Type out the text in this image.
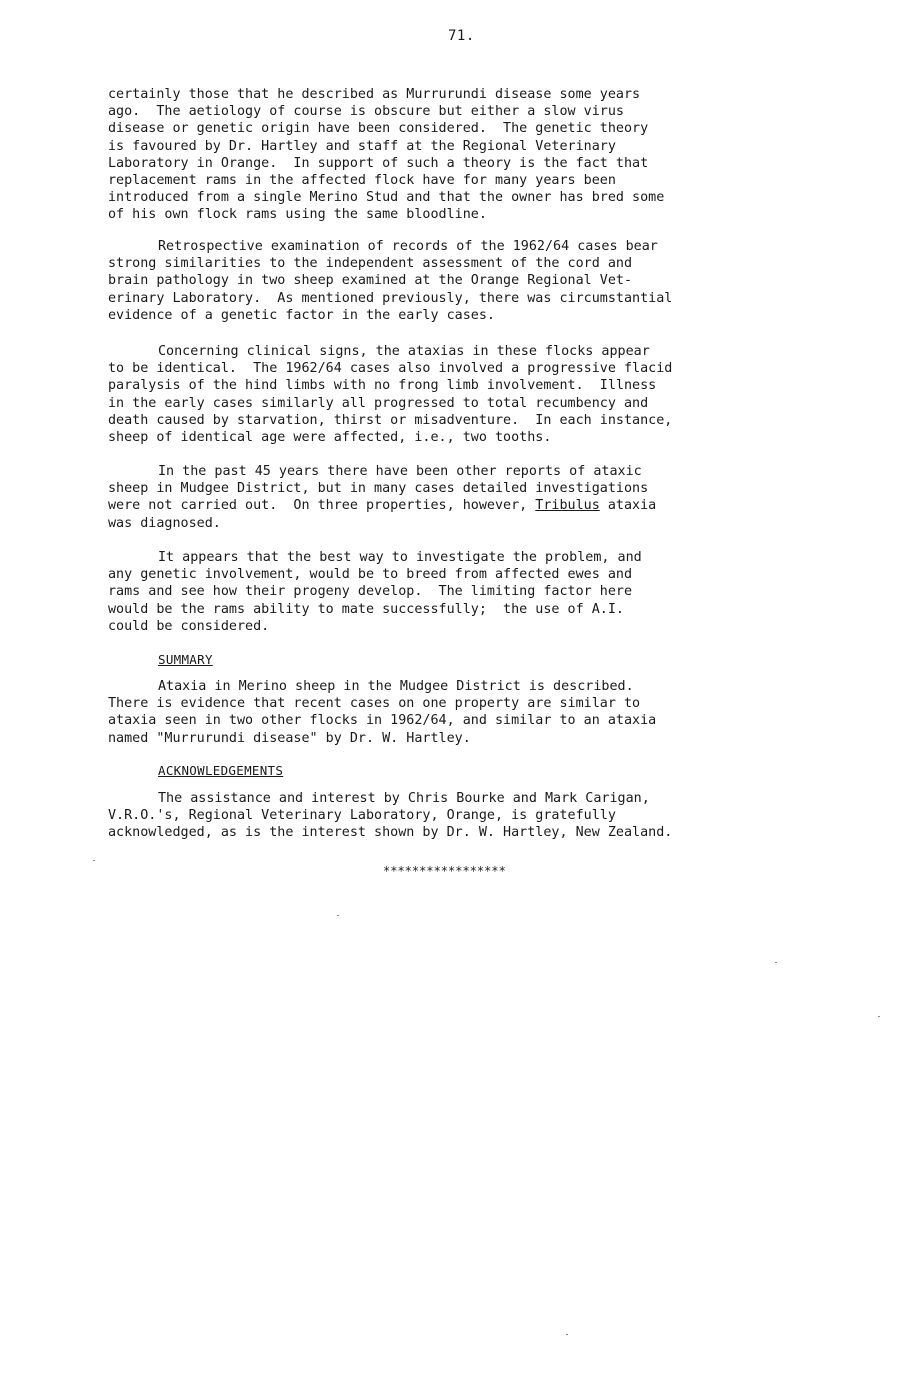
71.
certainly those that he described as Murrurundi disease some years
ago.  The aetiology of course is obscure but either a slow virus
disease or genetic origin have been considered.  The genetic theory
is favoured by Dr. Hartley and staff at the Regional Veterinary
Laboratory in Orange.  In support of such a theory is the fact that
replacement rams in the affected flock have for many years been
introduced from a single Merino Stud and that the owner has bred some
of his own flock rams using the same bloodline.
Retrospective examination of records of the 1962/64 cases bear
strong similarities to the independent assessment of the cord and
brain pathology in two sheep examined at the Orange Regional Vet-
erinary Laboratory.  As mentioned previously, there was circumstantial
evidence of a genetic factor in the early cases.
Concerning clinical signs, the ataxias in these flocks appear
to be identical.  The 1962/64 cases also involved a progressive flacid
paralysis of the hind limbs with no frong limb involvement.  Illness
in the early cases similarly all progressed to total recumbency and
death caused by starvation, thirst or misadventure.  In each instance,
sheep of identical age were affected, i.e., two tooths.
In the past 45 years there have been other reports of ataxic
sheep in Mudgee District, but in many cases detailed investigations
were not carried out.  On three properties, however, Tribulus ataxia
was diagnosed.
It appears that the best way to investigate the problem, and
any genetic involvement, would be to breed from affected ewes and
rams and see how their progeny develop.  The limiting factor here
would be the rams ability to mate successfully;  the use of A.I.
could be considered.
SUMMARY
Ataxia in Merino sheep in the Mudgee District is described.
There is evidence that recent cases on one property are similar to
ataxia seen in two other flocks in 1962/64, and similar to an ataxia
named "Murrurundi disease" by Dr. W. Hartley.
ACKNOWLEDGEMENTS
The assistance and interest by Chris Bourke and Mark Carigan,
V.R.O.'s, Regional Veterinary Laboratory, Orange, is gratefully
acknowledged, as is the interest shown by Dr. W. Hartley, New Zealand.
*****************
